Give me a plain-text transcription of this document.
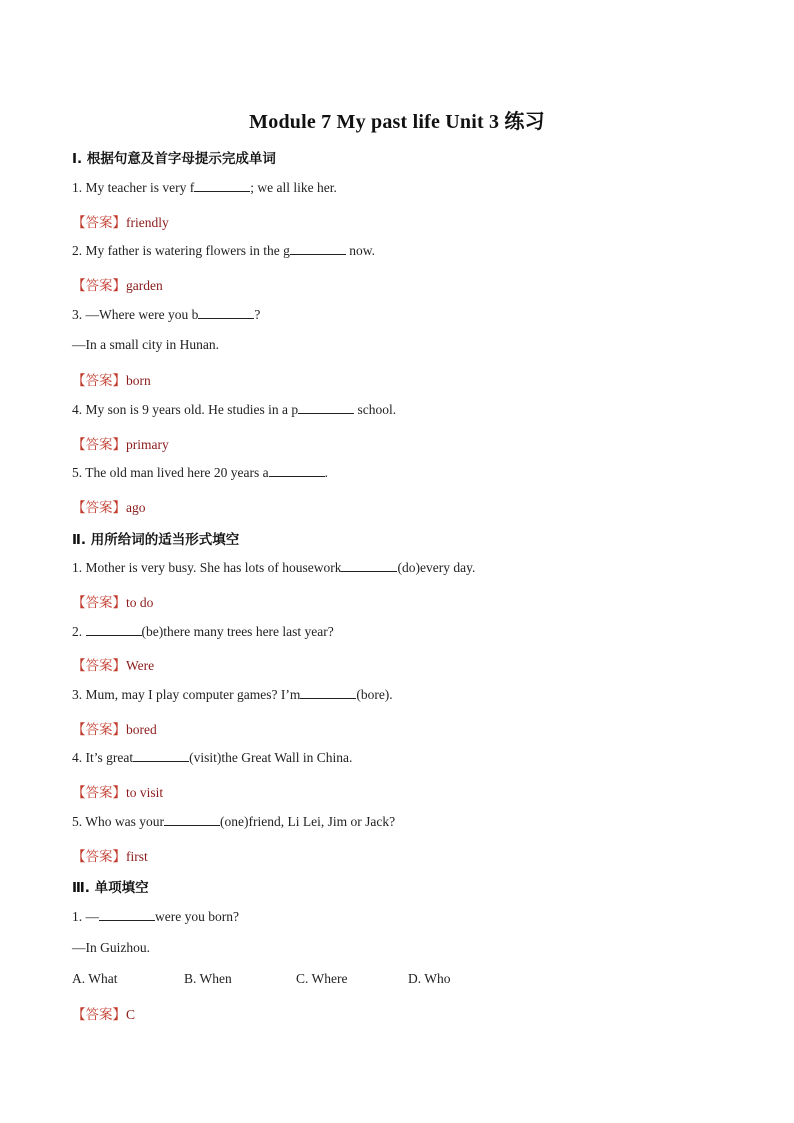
Module 7 My past life Unit 3 练习
Ⅰ. 根据句意及首字母提示完成单词
1. My teacher is very f	; we all like her.
【答案】friendly
2. My father is watering flowers in the g	now.
【答案】garden
3. —Where were you b	?
—In a small city in Hunan.
【答案】born
4. My son is 9 years old. He studies in a p	school.
【答案】primary
5. The old man lived here 20 years a	.
【答案】ago
Ⅱ. 用所给词的适当形式填空
1. Mother is very busy. She has lots of housework	(do)every day.
【答案】to do
2.	(be)there many trees here last year?
【答案】Were
3. Mum, may I play computer games? I’m	(bore).
【答案】bored
4. It’s great	(visit)the Great Wall in China.
【答案】to visit
5. Who was your	(one)friend, Li Lei, Jim or Jack?
【答案】first
Ⅲ. 单项填空
1. —	were you born?
—In Guizhou.
A. What	B. When	C. Where	D. Who
【答案】C
